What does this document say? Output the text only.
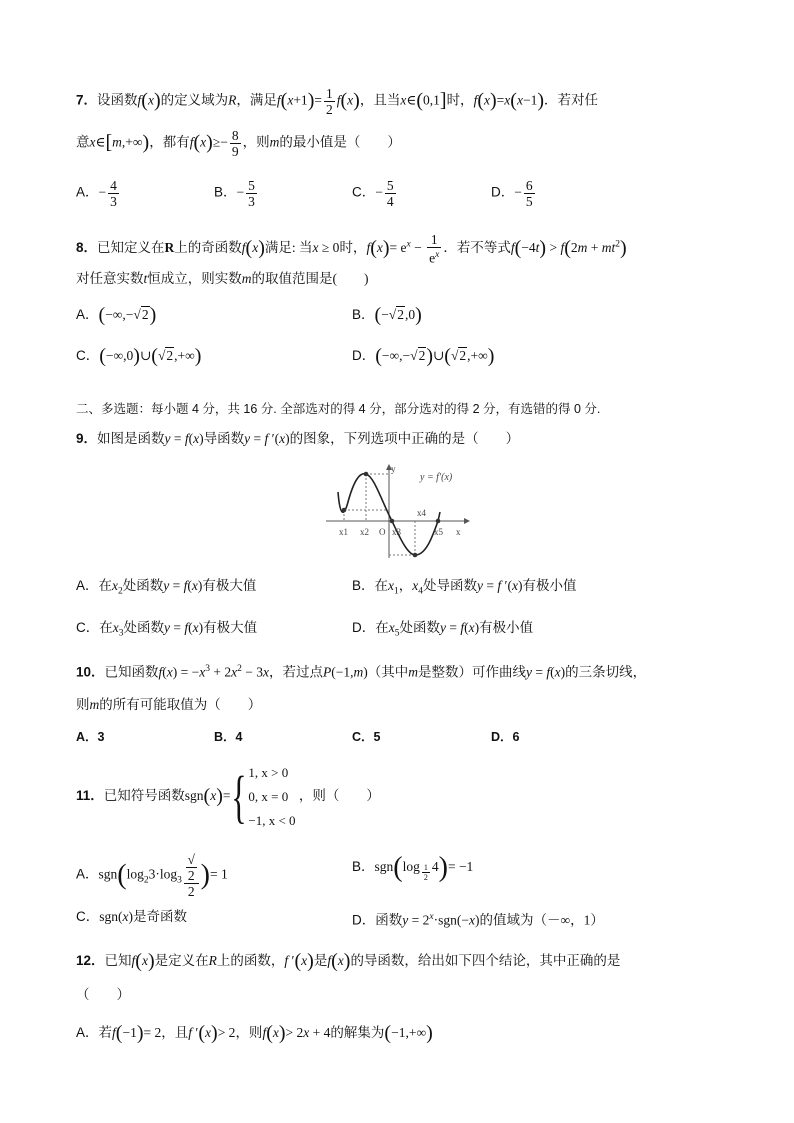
7．设函数f(x)的定义域为R，满足$f(x+1)= \frac{1}{2} f(x)$，且当x∈(0,1]时，f(x)=x(x−1)．若对任
意x∈[m,+∞)，都有$f(x)\ge- \frac{8}{9}$ ，则m的最小值是（　　）
A．− $\frac{4}{3}$	B．− $\frac{5}{3}$	C．− $\frac{5}{4}$	D．− $\frac{6}{5}$
8．已知定义在R上的奇函数f(x)满足: 当x ≥ 0时，$f(x)= e^x - \frac{1}{e^x}$ ．若不等式$f(-4t) > f(2m + mt^2)$
对任意实数t恒成立，则实数m的取值范围是(　　)
A．(−∞,−√2)	B．(−√2,0)
C．(−∞,0)∪(√2,+∞)	D．(−∞,−√2)∪(√2,+∞)
二、多选题：每小题 4 分，共 16 分. 全部选对的得 4 分，部分选对的得 2 分，有选错的得 0 分.
9．如图是函数y = f(x)导函数y = f ′(x)的图象，下列选项中正确的是（　　）
y = f′(x)
y
x1 x2 O x3
x4
x5 x
A．在$x_2$处函数y = f(x)有极大值	B．在$x_1$，$x_4$处导函数y = f ′(x)有极小值
C．在$x_3$处函数y = f(x)有极大值	D．在$x_5$处函数y = f(x)有极小值
10．已知函数$f(x) = -x^3 + 2x^2 - 3x$，若过点P(−1,m)（其中m是整数）可作曲线y = f(x)的三条切线，
则m的所有可能取值为（　　）
A．3	B．4	C．5	D．6
11．已知符号函数sgn(x)={ 1, x > 0
0, x = 0
−1, x < 0
，则（　　）
A．$sgn(\log_23\cdot\log_3$ √
2
2 )= 1
B．sgn(log $_{\frac{1}{2}}$ 4)= −1
C．sgn(x)是奇函数	D．函数$y = 2^x\cdot sgn(-x)$的值域为（－∞，1）
12．已知f(x)是定义在R上的函数，f ′(x)是f(x)的导函数，给出如下四个结论，其中正确的是
（　　）
A．若f(−1)= 2，且f ′(x)> 2，则f(x)> 2x + 4的解集为(−1,+∞)
